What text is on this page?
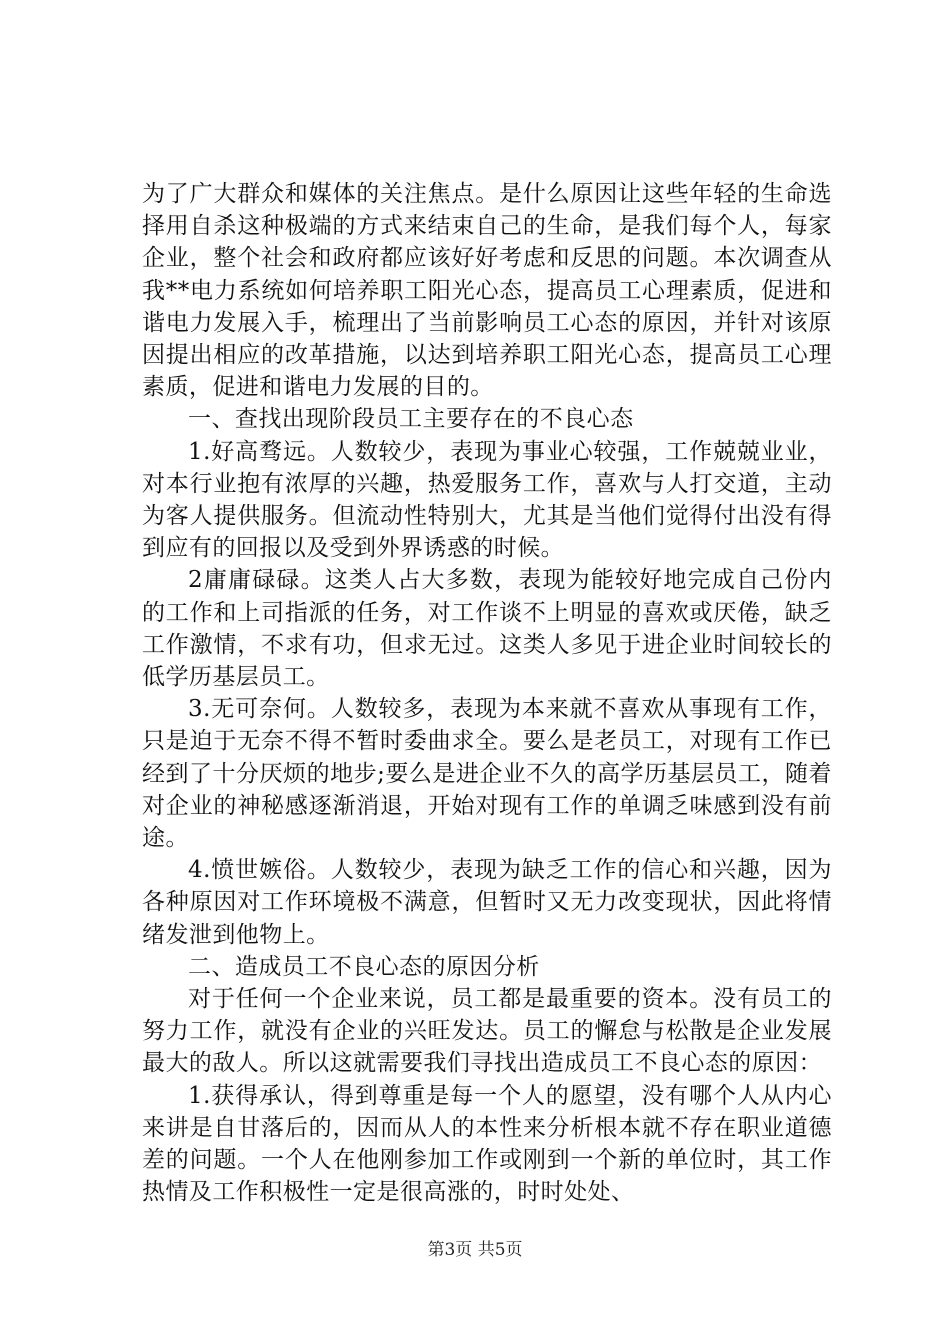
为了广大群众和媒体的关注焦点。是什么原因让这些年轻的生命选择用自杀这种极端的方式来结束自己的生命，是我们每个人，每家企业，整个社会和政府都应该好好考虑和反思的问题。本次调查从我**电力系统如何培养职工阳光心态，提高员工心理素质，促进和谐电力发展入手，梳理出了当前影响员工心态的原因，并针对该原因提出相应的改革措施，以达到培养职工阳光心态，提高员工心理素质，促进和谐电力发展的目的。

一、查找出现阶段员工主要存在的不良心态

1.好高骛远。人数较少，表现为事业心较强，工作兢兢业业，对本行业抱有浓厚的兴趣，热爱服务工作，喜欢与人打交道，主动为客人提供服务。但流动性特别大，尤其是当他们觉得付出没有得到应有的回报以及受到外界诱惑的时候。

2庸庸碌碌。这类人占大多数，表现为能较好地完成自己份内的工作和上司指派的任务，对工作谈不上明显的喜欢或厌倦，缺乏工作激情，不求有功，但求无过。这类人多见于进企业时间较长的低学历基层员工。

3.无可奈何。人数较多，表现为本来就不喜欢从事现有工作，只是迫于无奈不得不暂时委曲求全。要么是老员工，对现有工作已经到了十分厌烦的地步;要么是进企业不久的高学历基层员工，随着对企业的神秘感逐渐消退，开始对现有工作的单调乏味感到没有前途。

4.愤世嫉俗。人数较少，表现为缺乏工作的信心和兴趣，因为各种原因对工作环境极不满意，但暂时又无力改变现状，因此将情绪发泄到他物上。

二、造成员工不良心态的原因分析

对于任何一个企业来说，员工都是最重要的资本。没有员工的努力工作，就没有企业的兴旺发达。员工的懈怠与松散是企业发展最大的敌人。所以这就需要我们寻找出造成员工不良心态的原因：

1.获得承认，得到尊重是每一个人的愿望，没有哪个人从内心来讲是自甘落后的，因而从人的本性来分析根本就不存在职业道德差的问题。一个人在他刚参加工作或刚到一个新的单位时，其工作热情及工作积极性一定是很高涨的，时时处处、

第3页 共5页
